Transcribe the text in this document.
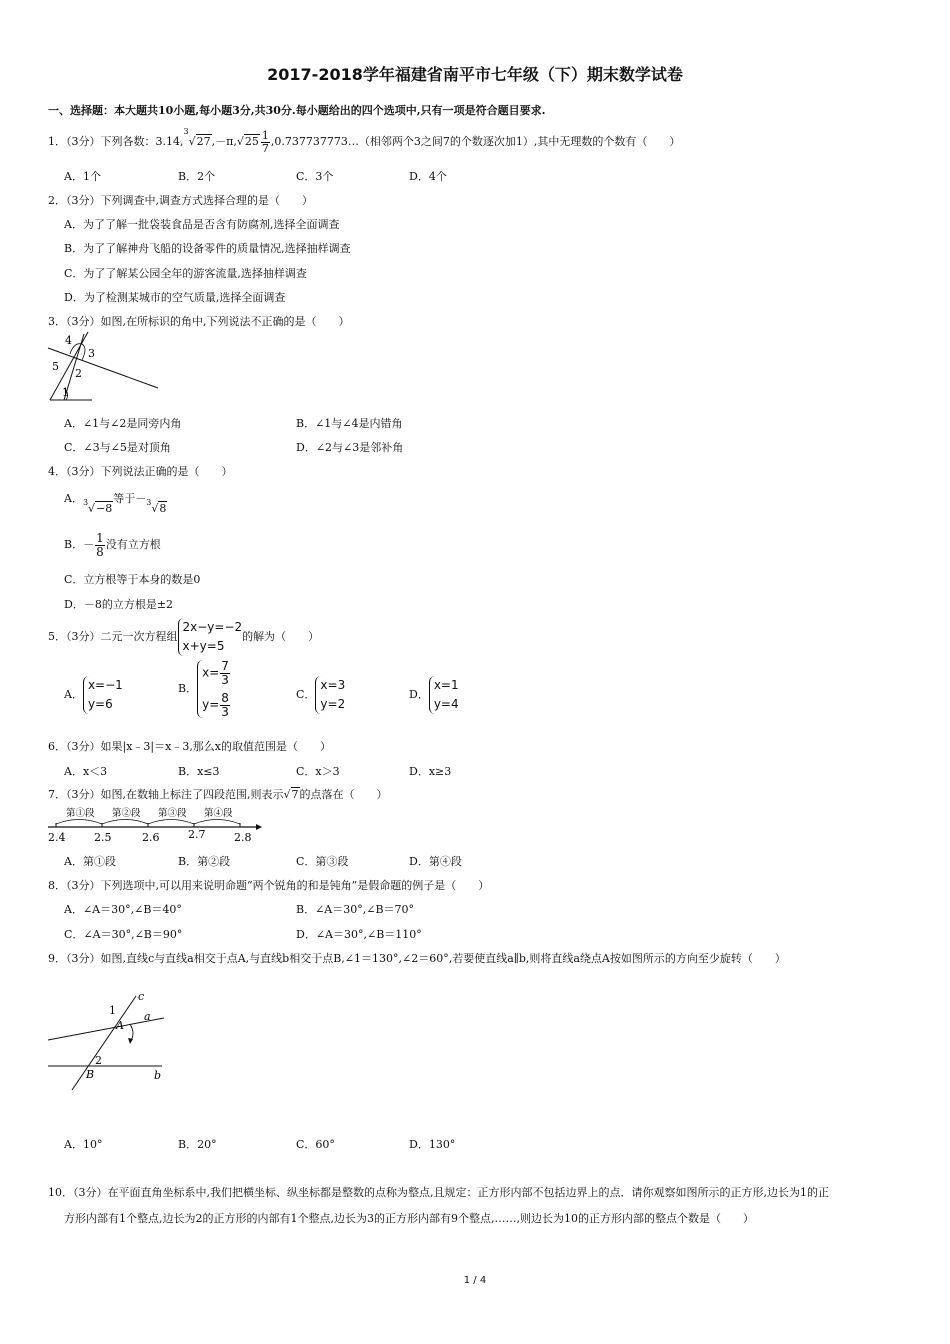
2017-2018学年福建省南平市七年级（下）期末数学试卷
一、选择题：本大题共10小题,每小题3分,共30分.每小题给出的四个选项中,只有一项是符合题目要求.
1．（3分）下列各数：$3.14,^3√27,-\pi,√25 \frac{1}{7}$ ,0.737737773…（相邻两个3之间7的个数逐次加1）,其中无理数的个数有（　　）
A．1个	B．2个	C．3个	D．4个
2．（3分）下列调查中,调查方式选择合理的是（　　）
A．为了了解一批袋装食品是否含有防腐剂,选择全面调查
B．为了了解神舟飞船的设备零件的质量情况,选择抽样调查
C．为了了解某公园全年的游客流量,选择抽样调查
D．为了检测某城市的空气质量,选择全面调查
3．（3分）如图,在所标识的角中,下列说法不正确的是（　　）
4
3
5
2
1
A．∠1与∠2是同旁内角	B．∠1与∠4是内错角
C．∠3与∠5是对顶角	D．∠2与∠3是邻补角
4．（3分）下列说法正确的是（　　）
A．$^3$√−8等于－$^3$√8
B．－ $\frac{1}{8}$ 没有立方根
C．立方根等于本身的数是0
D．－8的立方根是±2
5．（3分）二元一次方程组
2x−y=−2
x+y=5
的解为（　　）
A．
x=−1
y=6
B．
$x= \frac{7}{3}$
$y= \frac{8}{3}$	C．
x=3
y=2
D．
x=1
y=4
6．（3分）如果|x﹣3|＝x﹣3,那么x的取值范围是（　　）
A．x＜3	B．x≤3	C．x＞3	D．x≥3
7．（3分）如图,在数轴上标注了四段范围,则表示√7的点落在（　　）
第①段 第②段 第③段 第④段
2.4	2.5	2.6	2.7	2.8
A．第①段	B．第②段	C．第③段	D．第④段
8．（3分）下列选项中,可以用来说明命题“两个锐角的和是钝角”是假命题的例子是（　　）
A．∠A＝30°,∠B＝40°	B．∠A＝30°,∠B＝70°
C．∠A＝30°,∠B＝90°	D．∠A＝30°,∠B＝110°
9．（3分）如图,直线c与直线a相交于点A,与直线b相交于点B,∠1＝130°,∠2＝60°,若要使直线a∥b,则将直线a绕点A按如图所示的方向至少旋转（　　）
c
1
A
a
2
B	b
A．10°	B．20°	C．60°	D．130°
10．（3分）在平面直角坐标系中,我们把横坐标、纵坐标都是整数的点称为整点,且规定：正方形内部不包括边界上的点．请你观察如图所示的正方形,边长为1的正
方形内部有1个整点,边长为2的正方形的内部有1个整点,边长为3的正方形内部有9个整点,……,则边长为10的正方形内部的整点个数是（　　）
1 / 4
